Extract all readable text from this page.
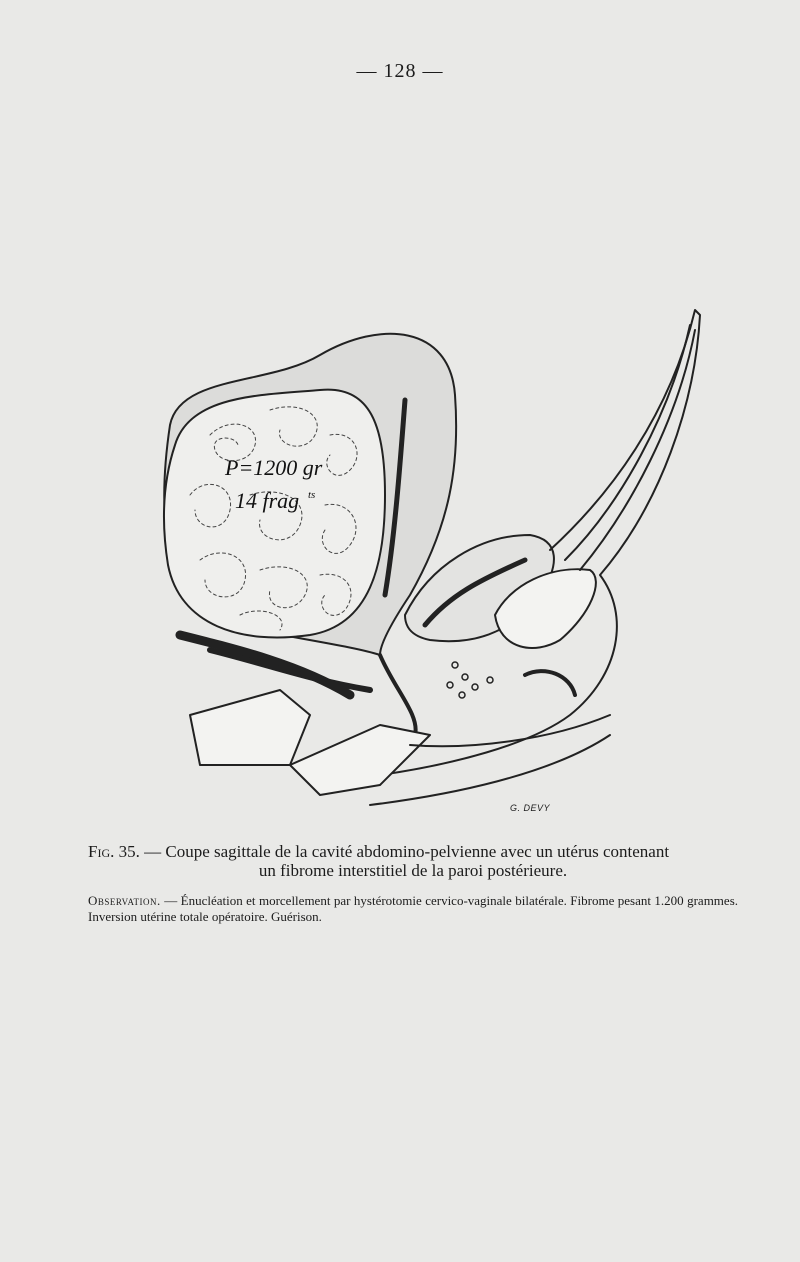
— 128 —
P=1200 gr
14 frag ts
G. DEVY
Fig. 35. — Coupe sagittale de la cavité abdomino-pelvienne avec un utérus contenant
un fibrome interstitiel de la paroi postérieure.
Observation. — Énucléation et morcellement par hystérotomie cervico-vaginale bilatérale. Fibrome pesant 1.200 grammes. Inversion utérine totale opératoire. Guérison.
